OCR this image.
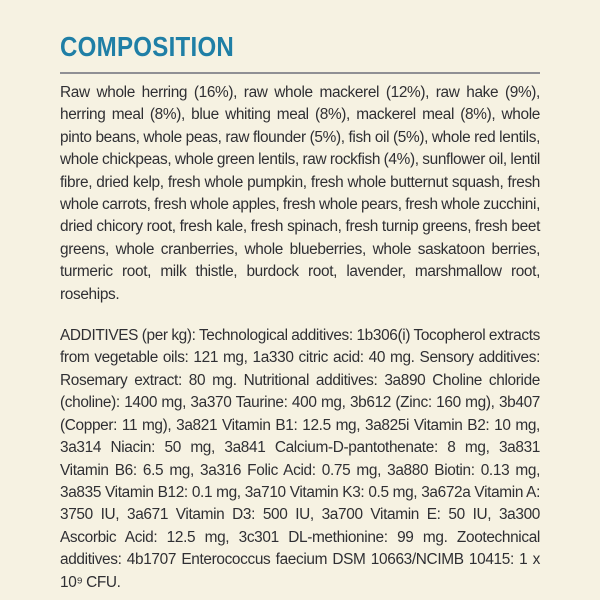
COMPOSITION

Raw whole herring (16%), raw whole mackerel (12%), raw hake (9%), herring meal (8%), blue whiting meal (8%), mackerel meal (8%), whole pinto beans, whole peas, raw flounder (5%), fish oil (5%), whole red lentils, whole chickpeas, whole green lentils, raw rockfish (4%), sunflower oil, lentil fibre, dried kelp, fresh whole pumpkin, fresh whole butternut squash, fresh whole carrots, fresh whole apples, fresh whole pears, fresh whole zucchini, dried chicory root, fresh kale, fresh spinach, fresh turnip greens, fresh beet greens, whole cranberries, whole blueberries, whole saskatoon berries, turmeric root, milk thistle, burdock root, lavender, marshmallow root, rosehips.

ADDITIVES (per kg): Technological additives: 1b306(i) Tocopherol extracts from vegetable oils: 121 mg, 1a330 citric acid: 40 mg. Sensory additives: Rosemary extract: 80 mg. Nutritional additives: 3a890 Choline chloride (choline): 1400 mg, 3a370 Taurine: 400 mg, 3b612 (Zinc: 160 mg), 3b407 (Copper: 11 mg), 3a821 Vitamin B1: 12.5 mg, 3a825i Vitamin B2: 10 mg, 3a314 Niacin: 50 mg, 3a841 Calcium-D-pantothenate: 8 mg, 3a831 Vitamin B6: 6.5 mg, 3a316 Folic Acid: 0.75 mg, 3a880 Biotin: 0.13 mg, 3a835 Vitamin B12: 0.1 mg, 3a710 Vitamin K3: 0.5 mg, 3a672a Vitamin A: 3750 IU, 3a671 Vitamin D3: 500 IU, 3a700 Vitamin E: 50 IU, 3a300 Ascorbic Acid: 12.5 mg, 3c301 DL-methionine: 99 mg. Zootechnical additives: 4b1707 Enterococcus faecium DSM 10663/NCIMB 10415: 1 x 10⁹ CFU.
